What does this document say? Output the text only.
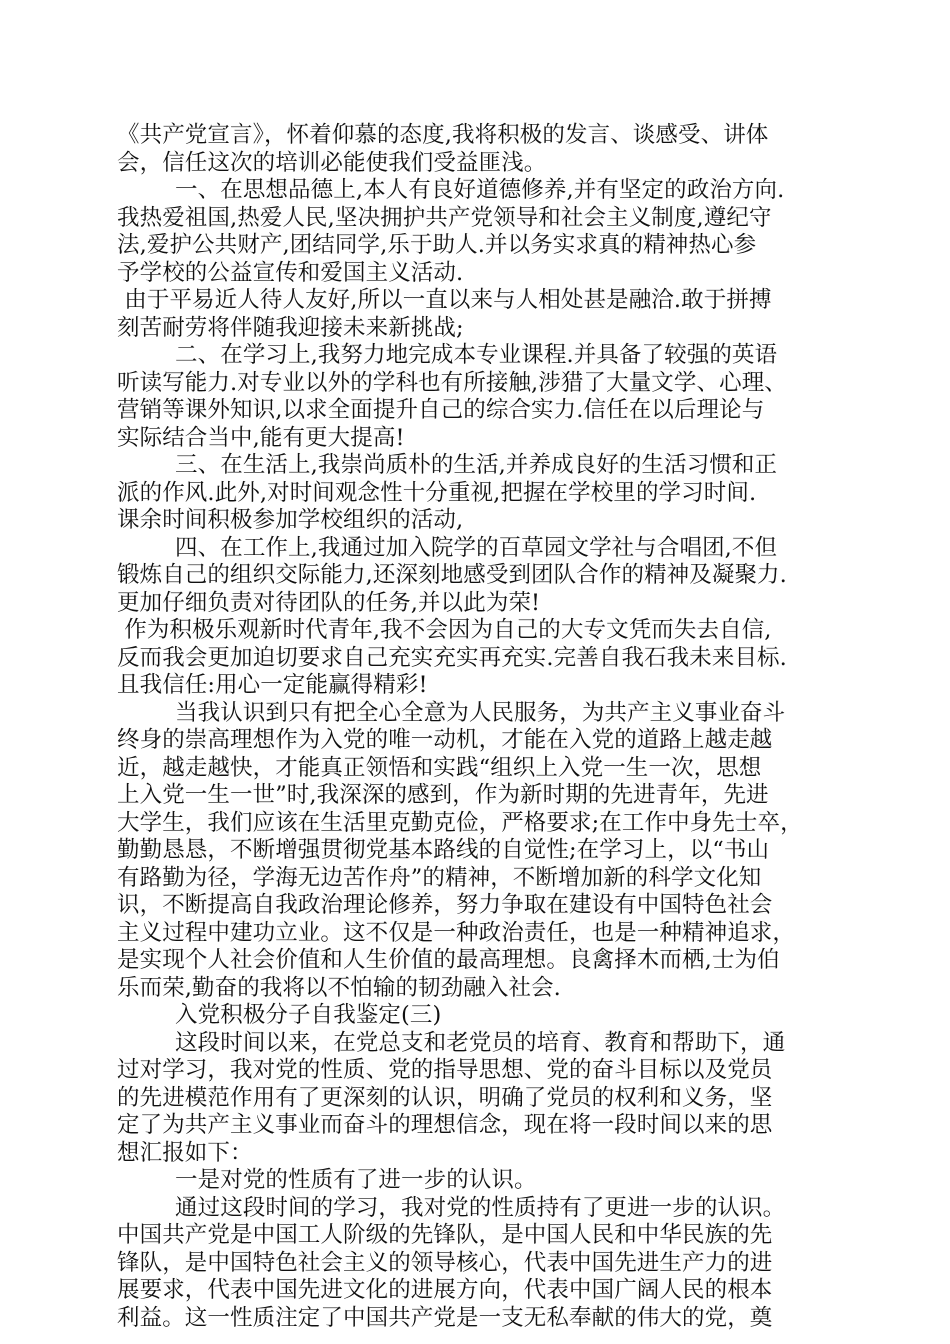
《共产党宣言》，怀着仰慕的态度,我将积极的发言、谈感受、讲体
会，信任这次的培训必能使我们受益匪浅。
一、在思想品德上,本人有良好道德修养,并有坚定的政治方向.
我热爱祖国,热爱人民,坚决拥护共产党领导和社会主义制度,遵纪守
法,爱护公共财产,团结同学,乐于助人.并以务实求真的精神热心参
予学校的公益宣传和爱国主义活动.
由于平易近人待人友好,所以一直以来与人相处甚是融洽.敢于拼搏
刻苦耐劳将伴随我迎接未来新挑战;
二、在学习上,我努力地完成本专业课程.并具备了较强的英语
听读写能力.对专业以外的学科也有所接触,涉猎了大量文学、心理、
营销等课外知识,以求全面提升自己的综合实力.信任在以后理论与
实际结合当中,能有更大提高!
三、在生活上,我崇尚质朴的生活,并养成良好的生活习惯和正
派的作风.此外,对时间观念性十分重视,把握在学校里的学习时间.
课余时间积极参加学校组织的活动,
四、在工作上,我通过加入院学的百草园文学社与合唱团,不但
锻炼自己的组织交际能力,还深刻地感受到团队合作的精神及凝聚力.
更加仔细负责对待团队的任务,并以此为荣!
作为积极乐观新时代青年,我不会因为自己的大专文凭而失去自信,
反而我会更加迫切要求自己充实充实再充实.完善自我石我未来目标.
且我信任:用心一定能赢得精彩!
当我认识到只有把全心全意为人民服务，为共产主义事业奋斗
终身的崇高理想作为入党的唯一动机，才能在入党的道路上越走越
近，越走越快，才能真正领悟和实践“组织上入党一生一次，思想
上入党一生一世”时,我深深的感到，作为新时期的先进青年，先进
大学生，我们应该在生活里克勤克俭，严格要求;在工作中身先士卒，
勤勤恳恳，不断增强贯彻党基本路线的自觉性;在学习上，以“书山
有路勤为径，学海无边苦作舟”的精神，不断增加新的科学文化知
识，不断提高自我政治理论修养，努力争取在建设有中国特色社会
主义过程中建功立业。这不仅是一种政治责任，也是一种精神追求，
是实现个人社会价值和人生价值的最高理想。良禽择木而栖,士为伯
乐而荣,勤奋的我将以不怕输的韧劲融入社会.
入党积极分子自我鉴定(三)
这段时间以来，在党总支和老党员的培育、教育和帮助下，通
过对学习，我对党的性质、党的指导思想、党的奋斗目标以及党员
的先进模范作用有了更深刻的认识，明确了党员的权利和义务，坚
定了为共产主义事业而奋斗的理想信念，现在将一段时间以来的思
想汇报如下：
一是对党的性质有了进一步的认识。
通过这段时间的学习，我对党的性质持有了更进一步的认识。
中国共产党是中国工人阶级的先锋队，是中国人民和中华民族的先
锋队，是中国特色社会主义的领导核心，代表中国先进生产力的进
展要求，代表中国先进文化的进展方向，代表中国广阔人民的根本
利益。这一性质注定了中国共产党是一支无私奉献的伟大的党，奠
